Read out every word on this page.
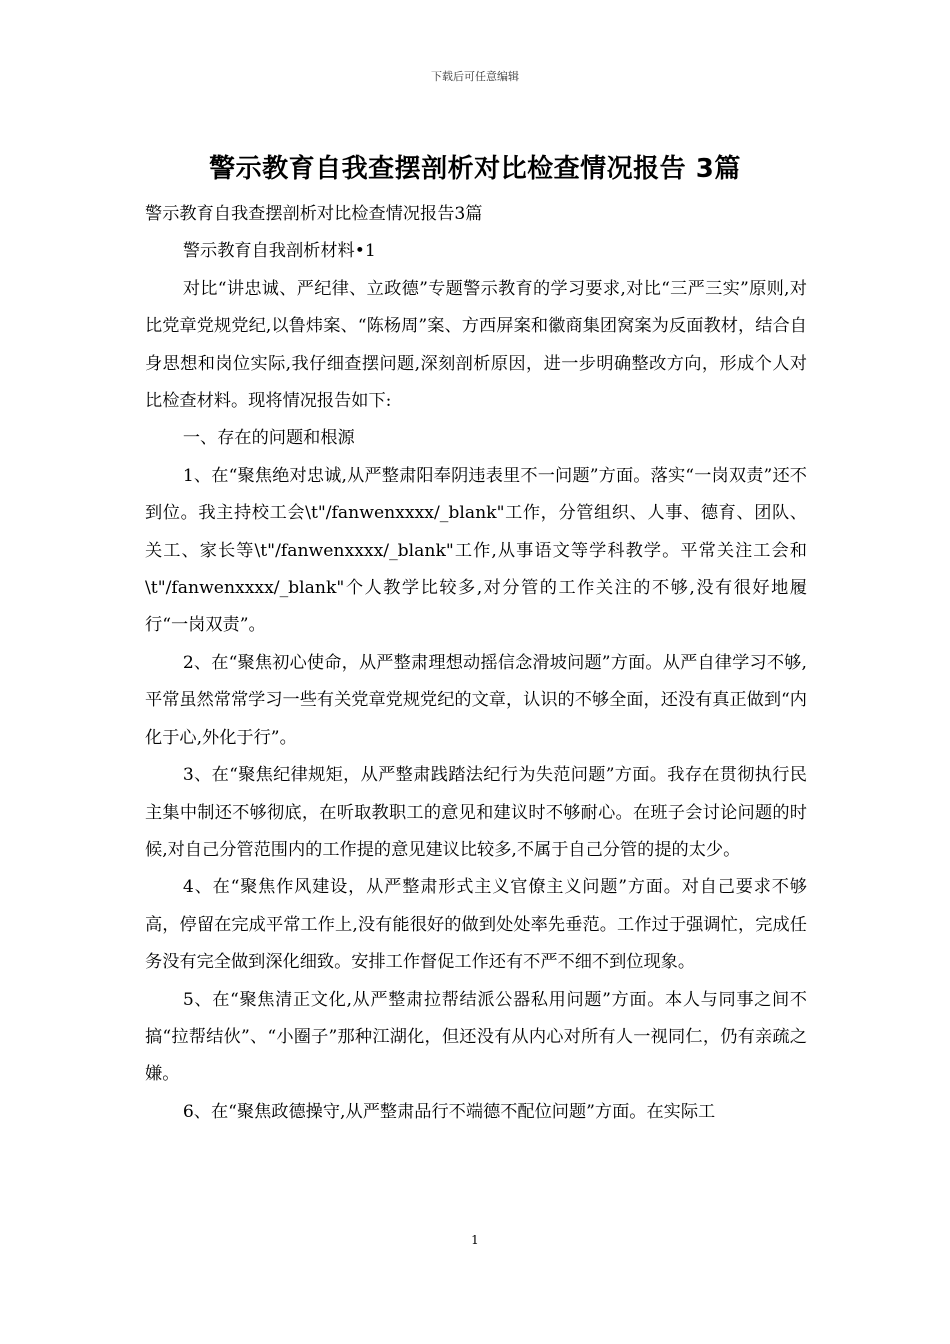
下载后可任意编辑
警示教育自我查摆剖析对比检查情况报告 3篇

警示教育自我查摆剖析对比检查情况报告3篇

警示教育自我剖析材料•1

对比“讲忠诚、严纪律、立政德”专题警示教育的学习要求,对比“三严三实”原则,对比党章党规党纪,以鲁炜案、“陈杨周”案、方西屏案和徽商集团窝案为反面教材，结合自身思想和岗位实际,我仔细查摆问题,深刻剖析原因，进一步明确整改方向，形成个人对比检查材料。现将情况报告如下:

一、存在的问题和根源

1、在“聚焦绝对忠诚,从严整肃阳奉阴违表里不一问题”方面。落实“一岗双责”还不到位。我主持校工会\t"/fanwenxxxx/_blank"工作，分管组织、人事、德育、团队、关工、家长等\t"/fanwenxxxx/_blank"工作,从事语文等学科教学。平常关注工会和\t"/fanwenxxxx/_blank"个人教学比较多,对分管的工作关注的不够,没有很好地履行“一岗双责”。

2、在“聚焦初心使命，从严整肃理想动摇信念滑坡问题”方面。从严自律学习不够,平常虽然常常学习一些有关党章党规党纪的文章，认识的不够全面，还没有真正做到“内化于心,外化于行”。

3、在“聚焦纪律规矩，从严整肃践踏法纪行为失范问题”方面。我存在贯彻执行民主集中制还不够彻底，在听取教职工的意见和建议时不够耐心。在班子会讨论问题的时候,对自己分管范围内的工作提的意见建议比较多,不属于自己分管的提的太少。

4、在“聚焦作风建设，从严整肃形式主义官僚主义问题”方面。对自己要求不够高，停留在完成平常工作上,没有能很好的做到处处率先垂范。工作过于强调忙，完成任务没有完全做到深化细致。安排工作督促工作还有不严不细不到位现象。

5、在“聚焦清正文化,从严整肃拉帮结派公器私用问题”方面。本人与同事之间不搞“拉帮结伙”、“小圈子”那种江湖化，但还没有从内心对所有人一视同仁，仍有亲疏之嫌。

6、在“聚焦政德操守,从严整肃品行不端德不配位问题”方面。在实际工

1
